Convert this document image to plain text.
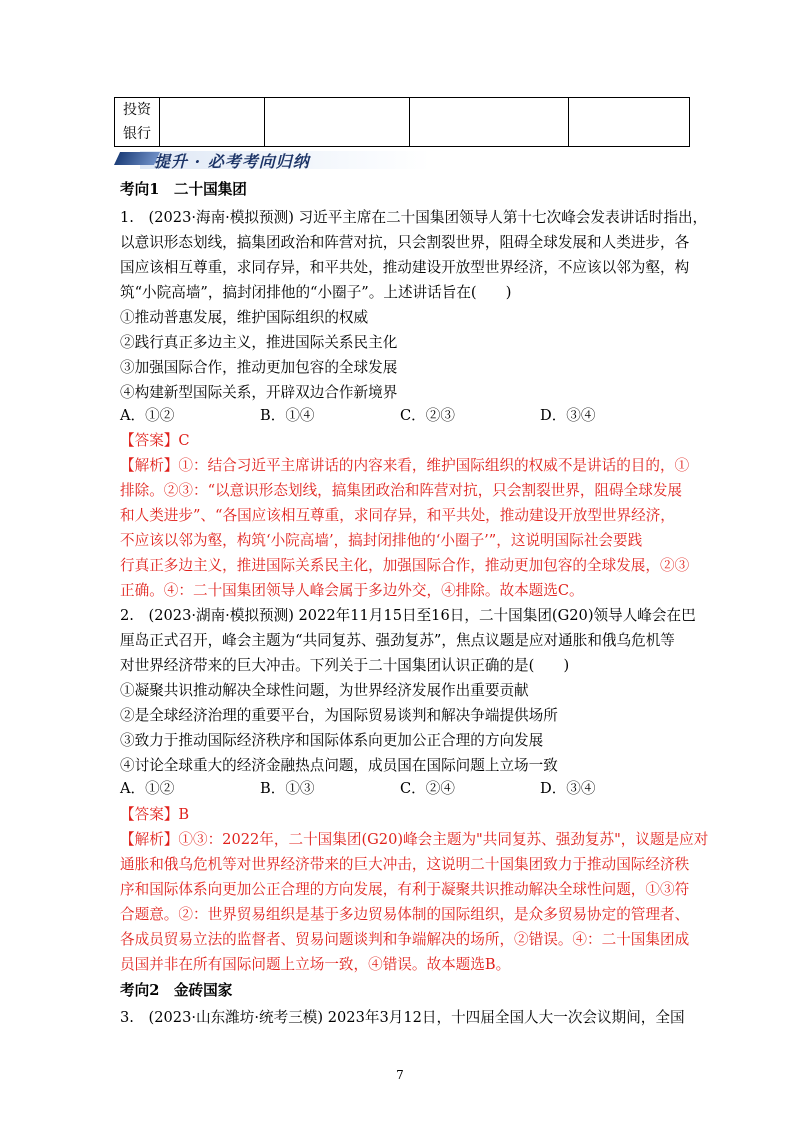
投资
银行

提升 · 必考考向归纳
考向1　二十国集团
1.　(2023·海南·模拟预测) 习近平主席在二十国集团领导人第十七次峰会发表讲话时指出，
以意识形态划线，搞集团政治和阵营对抗，只会割裂世界，阻碍全球发展和人类进步，各
国应该相互尊重，求同存异，和平共处，推动建设开放型世界经济，不应该以邻为壑，构
筑“小院高墙”，搞封闭排他的“小圈子”。上述讲话旨在(　　)
①推动普惠发展，维护国际组织的权威
②践行真正多边主义，推进国际关系民主化
③加强国际合作，推动更加包容的全球发展
④构建新型国际关系，开辟双边合作新境界
A．①②	B．①④	C．②③	D．③④
【答案】C
【解析】①：结合习近平主席讲话的内容来看，维护国际组织的权威不是讲话的目的，①
排除。②③：“以意识形态划线，搞集团政治和阵营对抗，只会割裂世界，阻碍全球发展
和人类进步”、“各国应该相互尊重，求同存异，和平共处，推动建设开放型世界经济，
不应该以邻为壑，构筑‘小院高墙’，搞封闭排他的‘小圈子’”，这说明国际社会要践
行真正多边主义，推进国际关系民主化，加强国际合作，推动更加包容的全球发展，②③
正确。④：二十国集团领导人峰会属于多边外交，④排除。故本题选C。
2.　(2023·湖南·模拟预测) 2022年11月15日至16日，二十国集团(G20)领导人峰会在巴
厘岛正式召开，峰会主题为“共同复苏、强劲复苏”，焦点议题是应对通胀和俄乌危机等
对世界经济带来的巨大冲击。下列关于二十国集团认识正确的是(　　)
①凝聚共识推动解决全球性问题，为世界经济发展作出重要贡献
②是全球经济治理的重要平台，为国际贸易谈判和解决争端提供场所
③致力于推动国际经济秩序和国际体系向更加公正合理的方向发展
④讨论全球重大的经济金融热点问题，成员国在国际问题上立场一致
A．①②	B．①③	C．②④	D．③④
【答案】B
【解析】①③：2022年，二十国集团(G20)峰会主题为"共同复苏、强劲复苏"，议题是应对
通胀和俄乌危机等对世界经济带来的巨大冲击，这说明二十国集团致力于推动国际经济秩
序和国际体系向更加公正合理的方向发展，有利于凝聚共识推动解决全球性问题，①③符
合题意。②：世界贸易组织是基于多边贸易体制的国际组织，是众多贸易协定的管理者、
各成员贸易立法的监督者、贸易问题谈判和争端解决的场所，②错误。④：二十国集团成
员国并非在所有国际问题上立场一致，④错误。故本题选B。
考向2　金砖国家
3.　(2023·山东潍坊·统考三模) 2023年3月12日，十四届全国人大一次会议期间，全国
7
